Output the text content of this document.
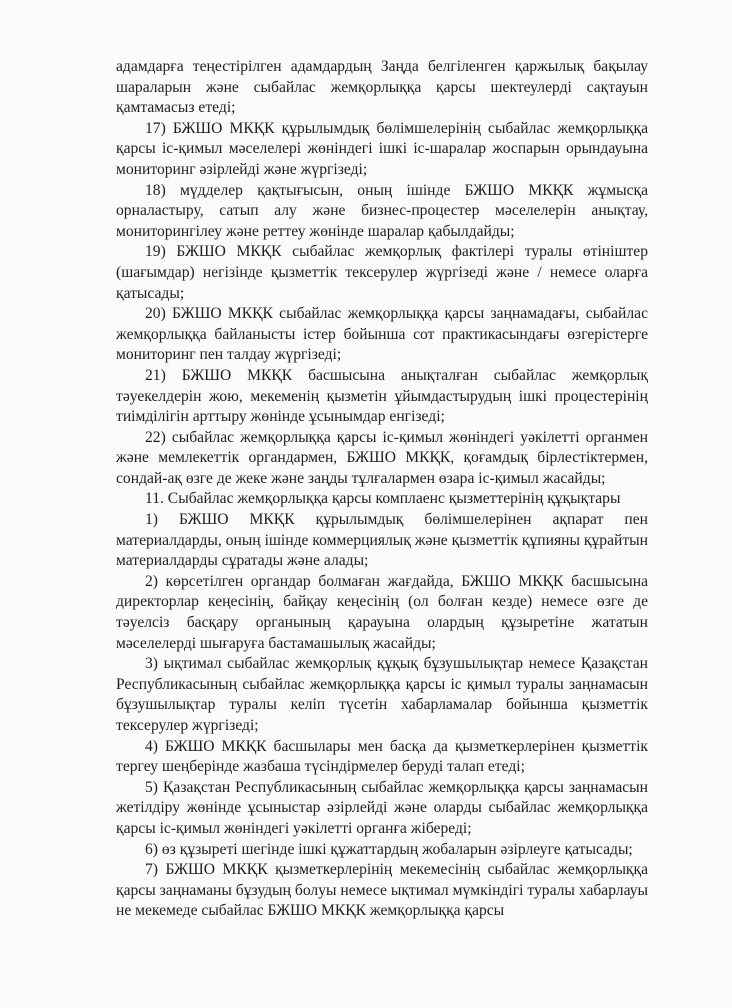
адамдарға теңестірілген адамдардың Заңда белгіленген қаржылық бақылау шараларын және сыбайлас жемқорлыққа қарсы шектеулерді сақтауын қамтамасыз етеді;

17) БЖШО МКҚК құрылымдық бөлімшелерінің сыбайлас жемқорлыққа қарсы іс-қимыл мәселелері жөніндегі ішкі іс-шаралар жоспарын орындауына мониторинг әзірлейді және жүргізеді;

18) мүдделер қақтығысын, оның ішінде БЖШО МКҚК жұмысқа орналастыру, сатып алу және бизнес-процестер мәселелерін анықтау, мониторингілеу және реттеу жөнінде шаралар қабылдайды;

19) БЖШО МКҚК сыбайлас жемқорлық фактілері туралы өтініштер (шағымдар) негізінде қызметтік тексерулер жүргізеді және / немесе оларға қатысады;

20) БЖШО МКҚК сыбайлас жемқорлыққа қарсы заңнамадағы, сыбайлас жемқорлыққа байланысты істер бойынша сот практикасындағы өзгерістерге мониторинг пен талдау жүргізеді;

21) БЖШО МКҚК басшысына анықталған сыбайлас жемқорлық тәуекелдерін жою, мекеменің қызметін ұйымдастырудың ішкі процестерінің тиімділігін арттыру жөнінде ұсынымдар енгізеді;

22) сыбайлас жемқорлыққа қарсы іс-қимыл жөніндегі уәкілетті органмен және мемлекеттік органдармен, БЖШО МКҚК, қоғамдық бірлестіктермен, сондай-ақ өзге де жеке және заңды тұлғалармен өзара іс-қимыл жасайды;

11. Сыбайлас жемқорлыққа қарсы комплаенс қызметтерінің құқықтары

1) БЖШО МКҚК құрылымдық бөлімшелерінен ақпарат пен материалдарды, оның ішінде коммерциялық және қызметтік құпияны құрайтын материалдарды сұратады және алады;

2) көрсетілген органдар болмаған жағдайда, БЖШО МКҚК басшысына директорлар кеңесінің, байқау кеңесінің (ол болған кезде) немесе өзге де тәуелсіз басқару органының қарауына олардың құзыретіне жататын мәселелерді шығаруға бастамашылық жасайды;

3) ықтимал сыбайлас жемқорлық құқық бұзушылықтар немесе Қазақстан Республикасының сыбайлас жемқорлыққа қарсы іс қимыл туралы заңнамасын бұзушылықтар туралы келіп түсетін хабарламалар бойынша қызметтік тексерулер жүргізеді;

4) БЖШО МКҚК басшылары мен басқа да қызметкерлерінен қызметтік тергеу шеңберінде жазбаша түсіндірмелер беруді талап етеді;

5) Қазақстан Республикасының сыбайлас жемқорлыққа қарсы заңнамасын жетілдіру жөнінде ұсыныстар әзірлейді және оларды сыбайлас жемқорлыққа қарсы іс-қимыл жөніндегі уәкілетті органға жібереді;

6) өз құзыреті шегінде ішкі құжаттардың жобаларын әзірлеуге қатысады;

7) БЖШО МКҚК қызметкерлерінің мекемесінің сыбайлас жемқорлыққа қарсы заңнаманы бұзудың болуы немесе ықтимал мүмкіндігі туралы хабарлауы не мекемеде сыбайлас БЖШО МКҚК жемқорлыққа қарсы
